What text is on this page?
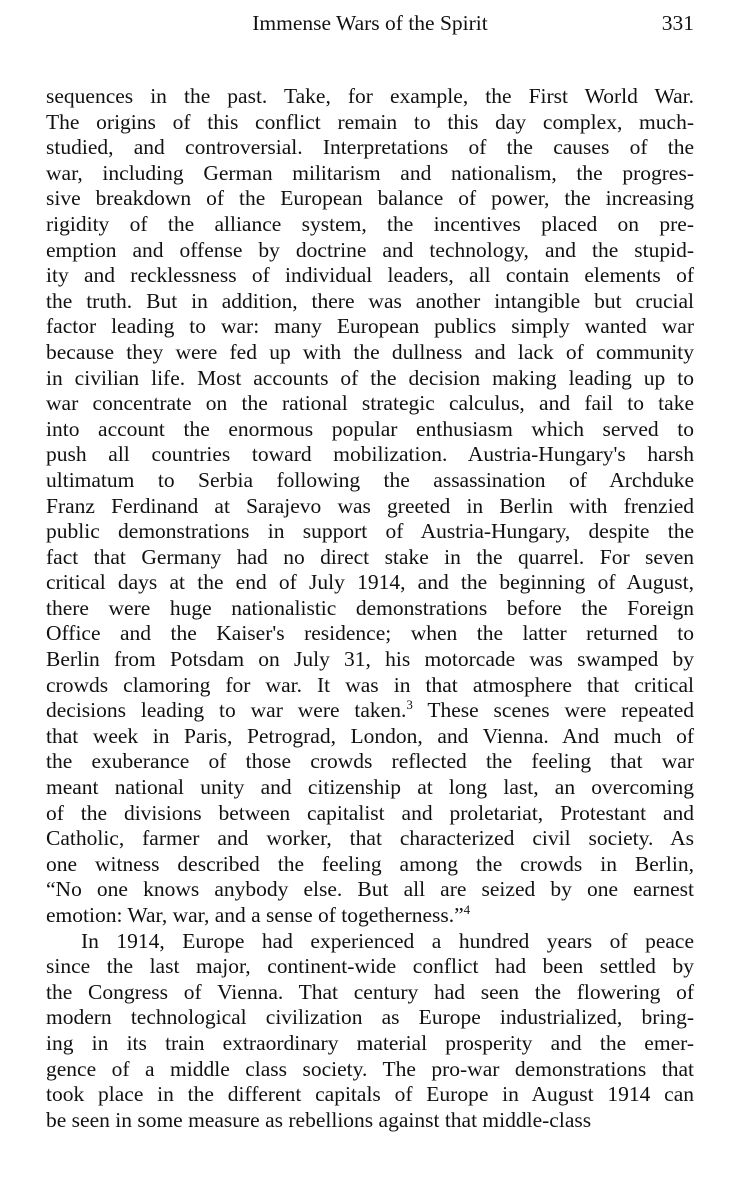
Immense Wars of the Spirit	331
sequences in the past. Take, for example, the First World War.
The origins of this conflict remain to this day complex, much-
studied, and controversial. Interpretations of the causes of the
war, including German militarism and nationalism, the progres-
sive breakdown of the European balance of power, the increasing
rigidity of the alliance system, the incentives placed on pre-
emption and offense by doctrine and technology, and the stupid-
ity and recklessness of individual leaders, all contain elements of
the truth. But in addition, there was another intangible but crucial
factor leading to war: many European publics simply wanted war
because they were fed up with the dullness and lack of community
in civilian life. Most accounts of the decision making leading up to
war concentrate on the rational strategic calculus, and fail to take
into account the enormous popular enthusiasm which served to
push all countries toward mobilization. Austria-Hungary's harsh
ultimatum to Serbia following the assassination of Archduke
Franz Ferdinand at Sarajevo was greeted in Berlin with frenzied
public demonstrations in support of Austria-Hungary, despite the
fact that Germany had no direct stake in the quarrel. For seven
critical days at the end of July 1914, and the beginning of August,
there were huge nationalistic demonstrations before the Foreign
Office and the Kaiser's residence; when the latter returned to
Berlin from Potsdam on July 31, his motorcade was swamped by
crowds clamoring for war. It was in that atmosphere that critical
decisions leading to war were taken.$^3$ These scenes were repeated
that week in Paris, Petrograd, London, and Vienna. And much of
the exuberance of those crowds reflected the feeling that war
meant national unity and citizenship at long last, an overcoming
of the divisions between capitalist and proletariat, Protestant and
Catholic, farmer and worker, that characterized civil society. As
one witness described the feeling among the crowds in Berlin,
“No one knows anybody else. But all are seized by one earnest
emotion: War, war, and a sense of togetherness.”$^4$
In 1914, Europe had experienced a hundred years of peace
since the last major, continent-wide conflict had been settled by
the Congress of Vienna. That century had seen the flowering of
modern technological civilization as Europe industrialized, bring-
ing in its train extraordinary material prosperity and the emer-
gence of a middle class society. The pro-war demonstrations that
took place in the different capitals of Europe in August 1914 can
be seen in some measure as rebellions against that middle-class
